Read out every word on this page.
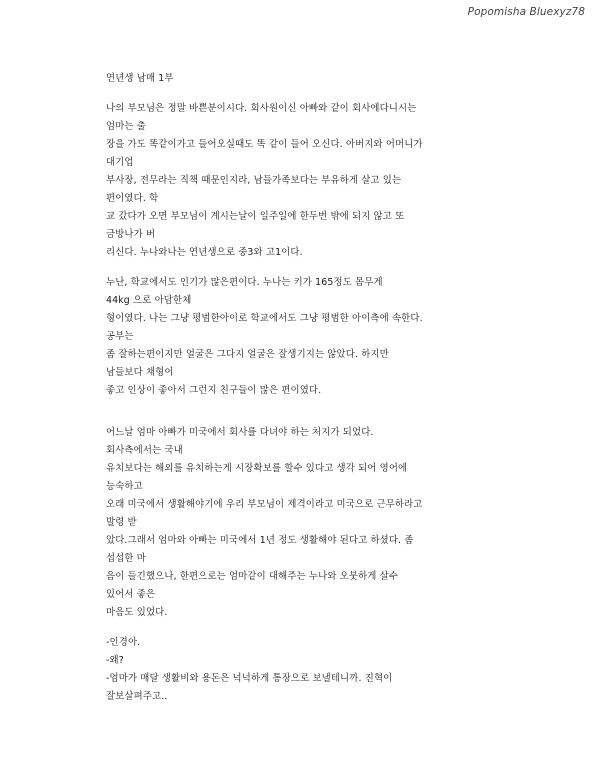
Popomisha Bluexyz78
연년생 남매 1부
나의 부모님은 정말 바쁜분이시다. 회사원이신 아빠와 같이 회사에다니시는
엄마는 출
장을 가도 똑같이가고 들어오실때도 똑 같이 들어 오신다. 아버지와 어머니가
대기업
부사장, 전무라는 직책 때문인지라, 남들가족보다는 부유하게 살고 있는
편이였다. 학
교 갔다가 오면 부모님이 계시는날이 일주일에 한두번 밖에 되지 않고 또
금방나가 버
리신다. 누나와나는 연년생으로 중3와 고1이다.
누난, 학교에서도 인기가 많은편이다. 누나는 키가 165정도 몸무게
44kg 으로 아담한체
형이였다. 나는 그냥 평범한아이로 학교에서도 그냥 평범한 아이측에 속한다.
공부는
좀 잘하는편이지만 얼굴은 그다지 얼굴은 잘생기지는 않았다. 하지만
남들보다 채형이
좋고 인상이 좋아서 그런지 친구들이 많은 편이였다.
어느날 엄마 아빠가 미국에서 회사를 다녀야 하는 처지가 되었다.
회사측에서는 국내
유치보다는 해외를 유치하는게 시장확보를 할수 있다고 생각 되어 영어에
능숙하고
오래 미국에서 생활해야기에 우리 부모님이 제격이라고 미국으로 근무하라고
발령 받
았다.그래서 엄마와 아빠는 미국에서 1년 정도 생활해야 된다고 하셨다. 좀
섭섭한 마
음이 들긴했으나, 한편으로는 엄마같이 대해주는 누나와 오붓하게 살수
있어서 좋은
마음도 있었다.
-인경아.
-왜?
-엄마가 매달 생활비와 용돈은 넉넉하게 통장으로 보낼테니까. 진혁이
잘보살펴주고..
